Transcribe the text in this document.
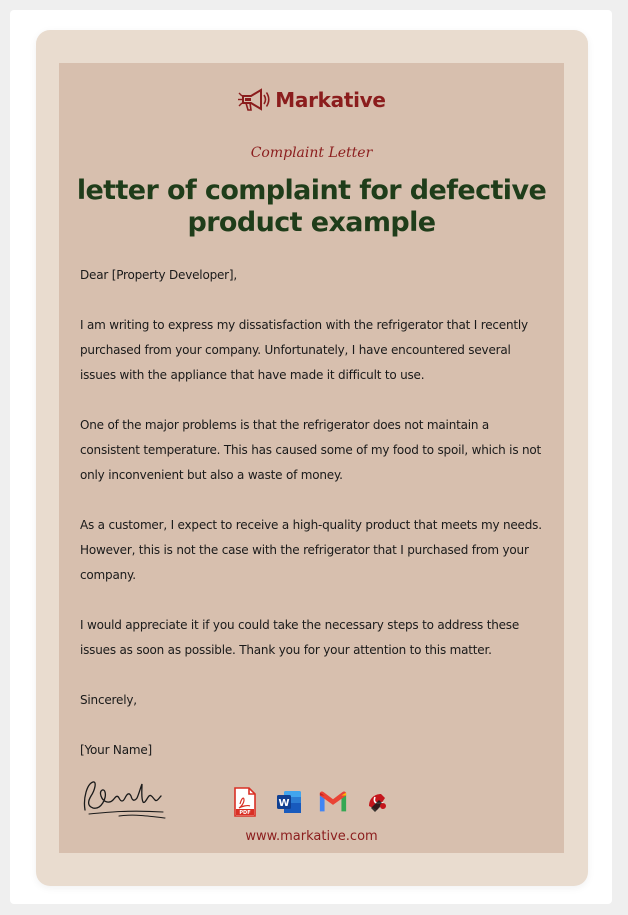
Markative
Complaint Letter
letter of complaint for defective product example

Dear [Property Developer],

I am writing to express my dissatisfaction with the refrigerator that I recently purchased from your company. Unfortunately, I have encountered several issues with the appliance that have made it difficult to use.

One of the major problems is that the refrigerator does not maintain a consistent temperature. This has caused some of my food to spoil, which is not only inconvenient but also a waste of money.

As a customer, I expect to receive a high-quality product that meets my needs. However, this is not the case with the refrigerator that I purchased from your company.

I would appreciate it if you could take the necessary steps to address these issues as soon as possible. Thank you for your attention to this matter.

Sincerely,

[Your Name]

PDF
W
www.markative.com
